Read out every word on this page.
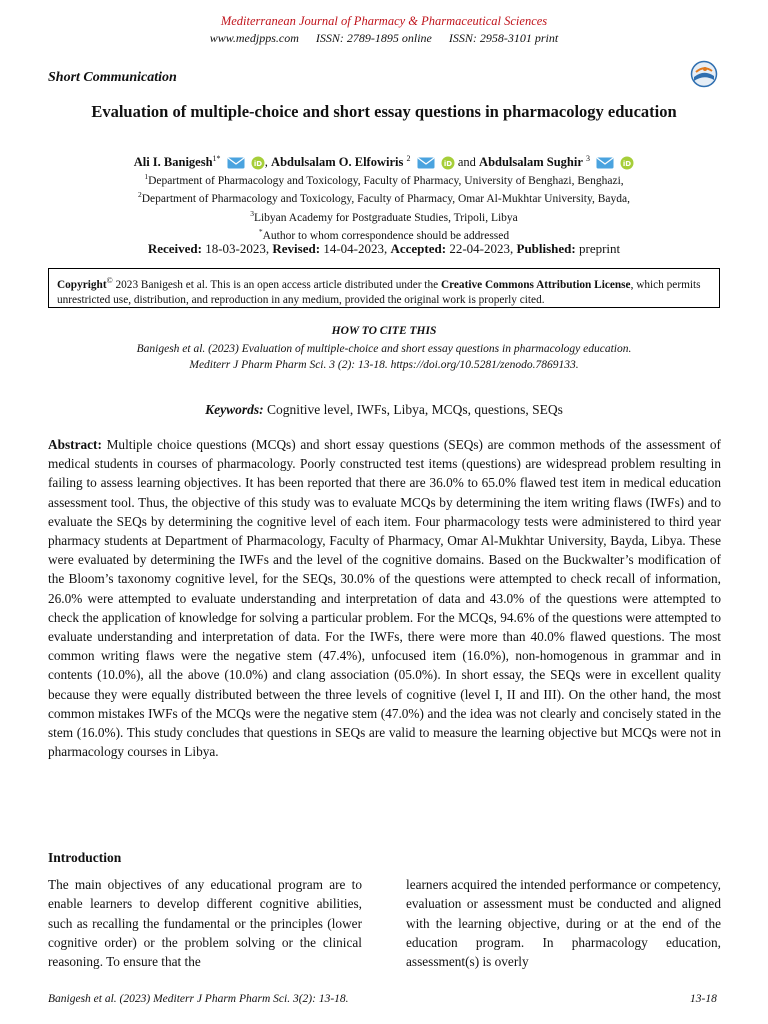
Mediterranean Journal of Pharmacy & Pharmaceutical Sciences
www.medjpps.com ISSN: 2789-1895 online ISSN: 2958-3101 print
Short Communication
Evaluation of multiple-choice and short essay questions in pharmacology education
Ali I. Banigesh$^{1*}$
iD , Abdulsalam O. Elfowiris $^2$
iD and Abdulsalam Sughir $^3$
iD
$^1$Department of Pharmacology and Toxicology, Faculty of Pharmacy, University of Benghazi, Benghazi,
$^2$Department of Pharmacology and Toxicology, Faculty of Pharmacy, Omar Al-Mukhtar University, Bayda,
$^3$Libyan Academy for Postgraduate Studies, Tripoli, Libya
*Author to whom correspondence should be addressed
Received: 18-03-2023, Revised: 14-04-2023, Accepted: 22-04-2023, Published: preprint
Copyright© 2023 Banigesh et al. This is an open access article distributed under the Creative Commons Attribution License, which permits unrestricted use, distribution, and reproduction in any medium, provided the original work is properly cited.
HOW TO CITE THIS
Banigesh et al. (2023) Evaluation of multiple-choice and short essay questions in pharmacology education.
Mediterr J Pharm Pharm Sci. 3 (2): 13-18. https://doi.org/10.5281/zenodo.7869133.
Keywords: Cognitive level, IWFs, Libya, MCQs, questions, SEQs
Abstract: Multiple choice questions (MCQs) and short essay questions (SEQs) are common methods of the assessment of medical students in courses of pharmacology. Poorly constructed test items (questions) are widespread problem resulting in failing to assess learning objectives. It has been reported that there are 36.0% to 65.0% flawed test item in medical education assessment tool. Thus, the objective of this study was to evaluate MCQs by determining the item writing flaws (IWFs) and to evaluate the SEQs by determining the cognitive level of each item. Four pharmacology tests were administered to third year pharmacy students at Department of Pharmacology, Faculty of Pharmacy, Omar Al-Mukhtar University, Bayda, Libya. These were evaluated by determining the IWFs and the level of the cognitive domains. Based on the Buckwalter’s modification of the Bloom’s taxonomy cognitive level, for the SEQs, 30.0% of the questions were attempted to check recall of information, 26.0% were attempted to evaluate understanding and interpretation of data and 43.0% of the questions were attempted to check the application of knowledge for solving a particular problem. For the MCQs, 94.6% of the questions were attempted to evaluate understanding and interpretation of data. For the IWFs, there were more than 40.0% flawed questions. The most common writing flaws were the negative stem (47.4%), unfocused item (16.0%), non-homogenous in grammar and in contents (10.0%), all the above (10.0%) and clang association (05.0%). In short essay, the SEQs were in excellent quality because they were equally distributed between the three levels of cognitive (level I, II and III). On the other hand, the most common mistakes IWFs of the MCQs were the negative stem (47.0%) and the idea was not clearly and concisely stated in the stem (16.0%). This study concludes that questions in SEQs are valid to measure the learning objective but MCQs were not in pharmacology courses in Libya.
Introduction
The main objectives of any educational program are to enable learners to develop different cognitive abilities, such as recalling the fundamental or the principles (lower cognitive order) or the problem solving or the clinical reasoning. To ensure that the
learners acquired the intended performance or competency, evaluation or assessment must be conducted and aligned with the learning objective, during or at the end of the education program. In pharmacology education, assessment(s) is overly
Banigesh et al. (2023) Mediterr J Pharm Pharm Sci. 3(2): 13-18.	13-18
